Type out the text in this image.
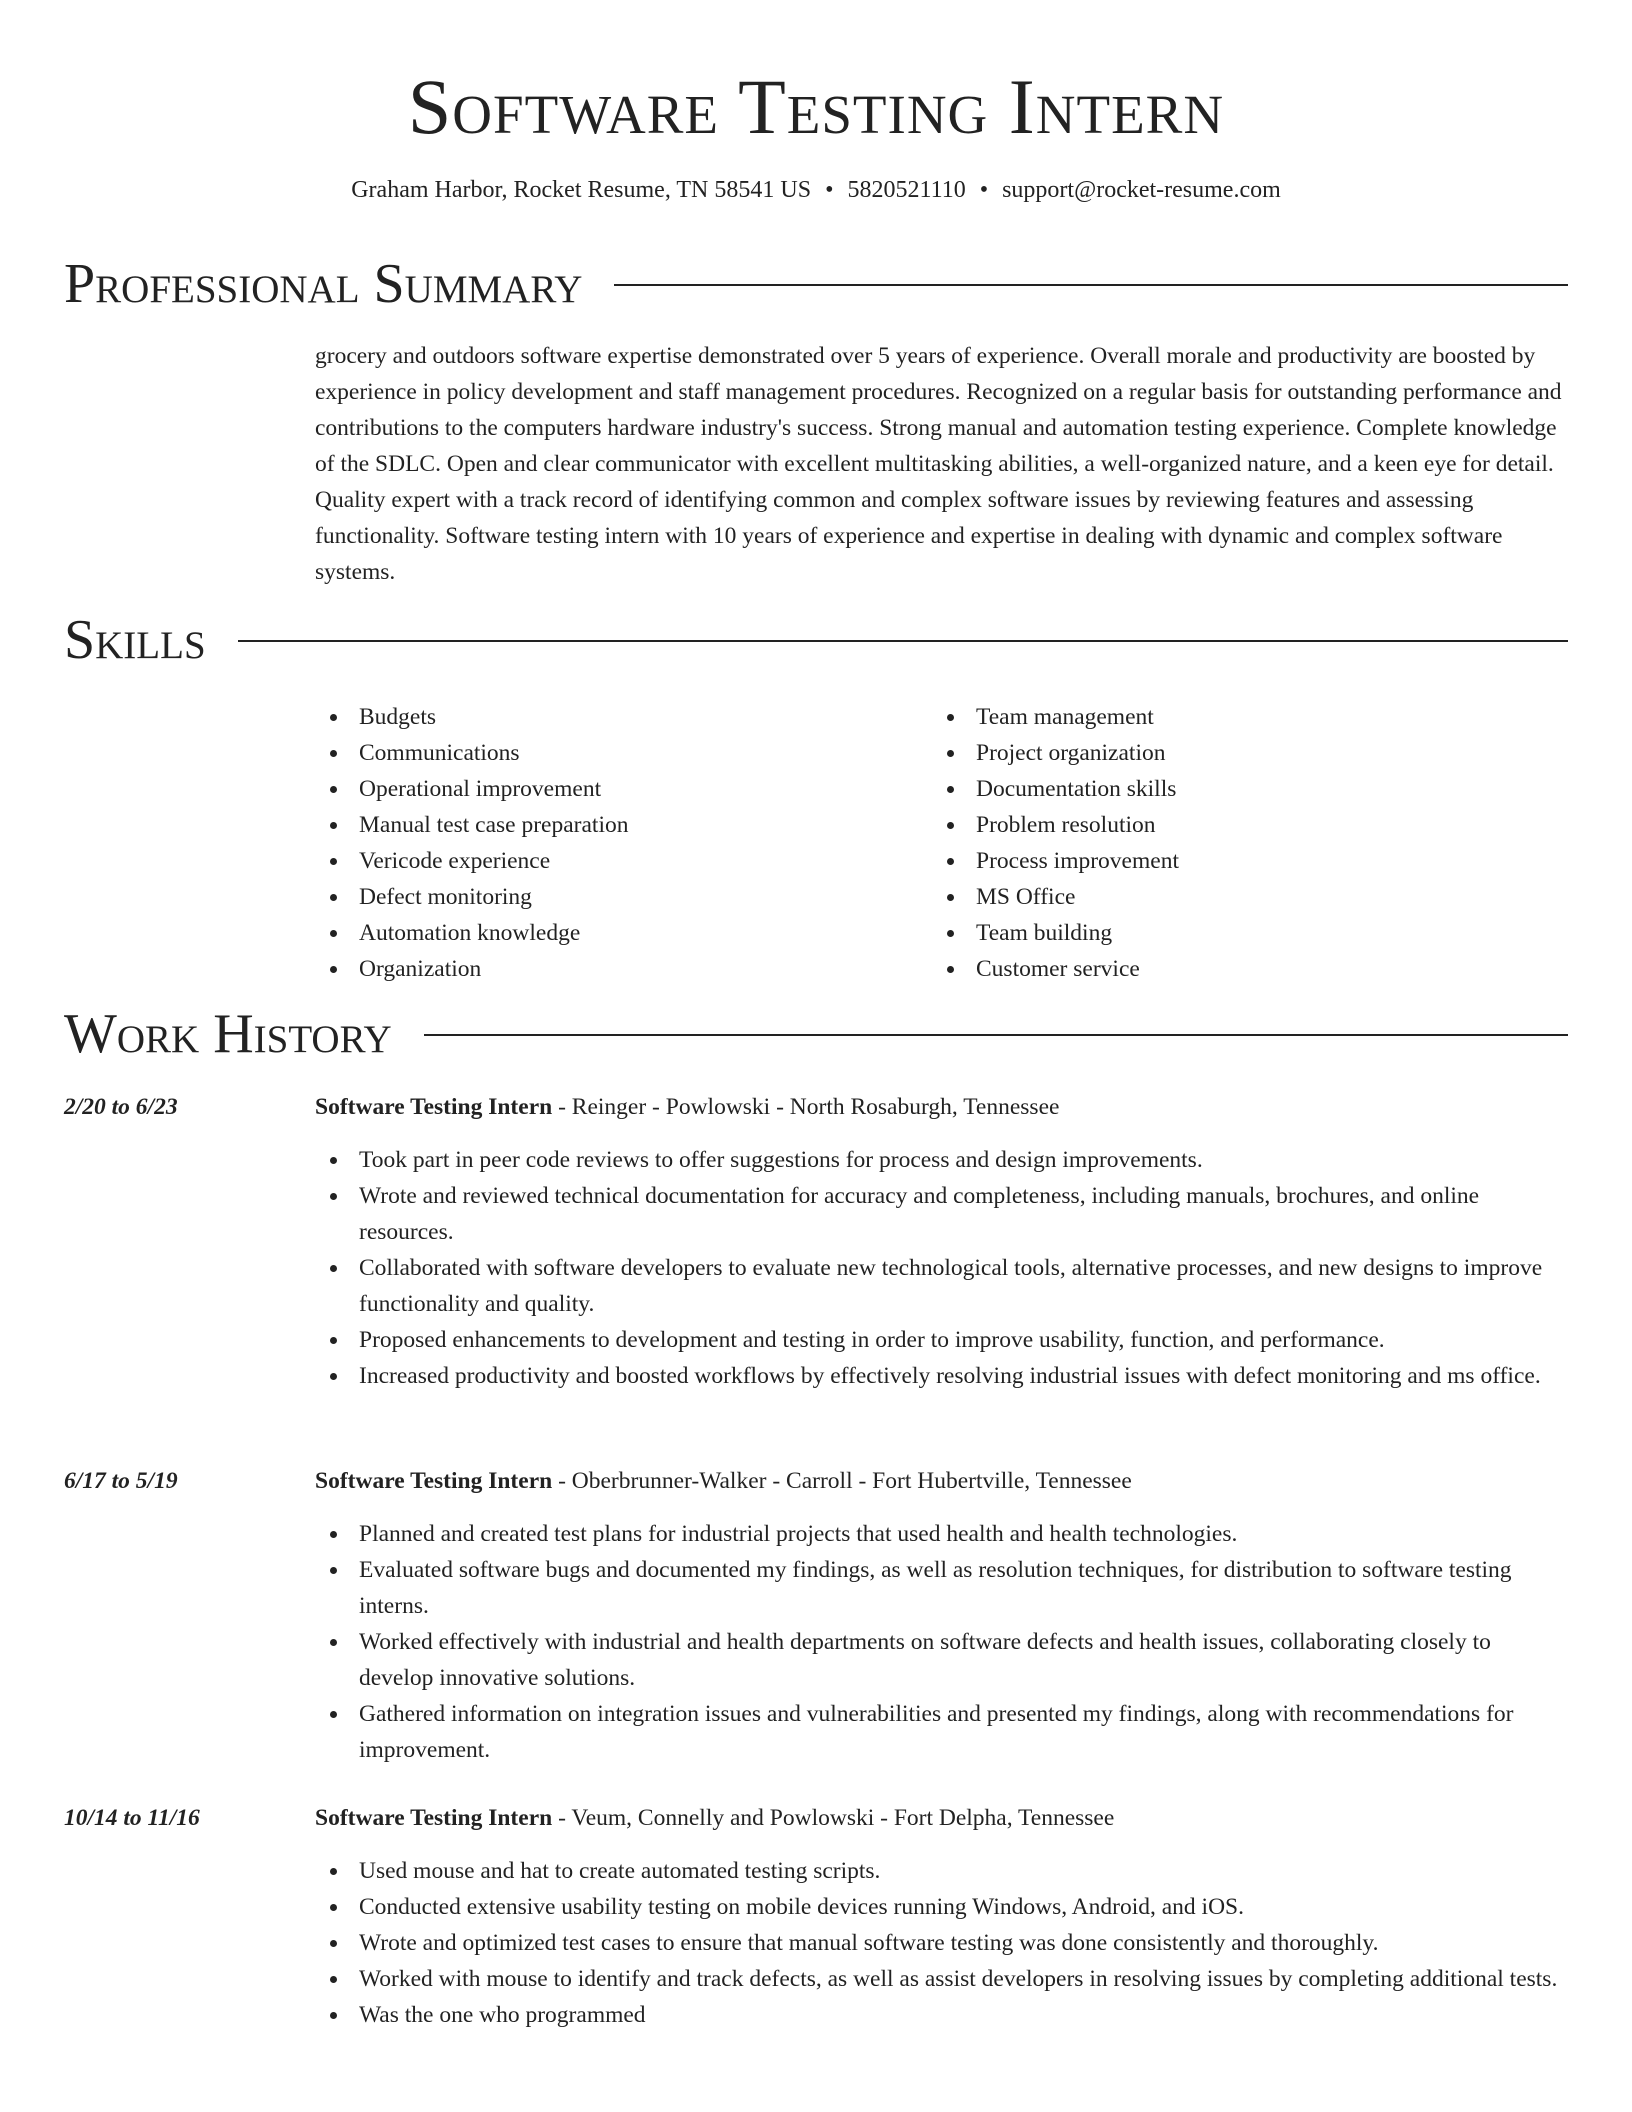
Software Testing Intern
Graham Harbor, Rocket Resume, TN 58541 US • 5820521110 • support@rocket-resume.com
Professional Summary

grocery and outdoors software expertise demonstrated over 5 years of experience. Overall morale and productivity are boosted by experience in policy development and staff management procedures. Recognized on a regular basis for outstanding performance and contributions to the computers hardware industry's success. Strong manual and automation testing experience. Complete knowledge of the SDLC. Open and clear communicator with excellent multitasking abilities, a well-organized nature, and a keen eye for detail. Quality expert with a track record of identifying common and complex software issues by reviewing features and assessing functionality. Software testing intern with 10 years of experience and expertise in dealing with dynamic and complex software systems.

Skills
Budgets
Communications
Operational improvement
Manual test case preparation
Vericode experience
Defect monitoring
Automation knowledge
Organization
Team management
Project organization
Documentation skills
Problem resolution
Process improvement
MS Office
Team building
Customer service
Work History
2/20 to 6/23	Software Testing Intern - Reinger - Powlowski - North Rosaburgh, Tennessee
Took part in peer code reviews to offer suggestions for process and design improvements.
Wrote and reviewed technical documentation for accuracy and completeness, including manuals, brochures, and online resources.
Collaborated with software developers to evaluate new technological tools, alternative processes, and new designs to improve functionality and quality.
Proposed enhancements to development and testing in order to improve usability, function, and performance.
Increased productivity and boosted workflows by effectively resolving industrial issues with defect monitoring and ms office.
6/17 to 5/19	Software Testing Intern - Oberbrunner-Walker - Carroll - Fort Hubertville, Tennessee
Planned and created test plans for industrial projects that used health and health technologies.
Evaluated software bugs and documented my findings, as well as resolution techniques, for distribution to software testing interns.
Worked effectively with industrial and health departments on software defects and health issues, collaborating closely to develop innovative solutions.
Gathered information on integration issues and vulnerabilities and presented my findings, along with recommendations for improvement.
10/14 to 11/16	Software Testing Intern - Veum, Connelly and Powlowski - Fort Delpha, Tennessee
Used mouse and hat to create automated testing scripts.
Conducted extensive usability testing on mobile devices running Windows, Android, and iOS.
Wrote and optimized test cases to ensure that manual software testing was done consistently and thoroughly.
Worked with mouse to identify and track defects, as well as assist developers in resolving issues by completing additional tests.
Was the one who programmed
